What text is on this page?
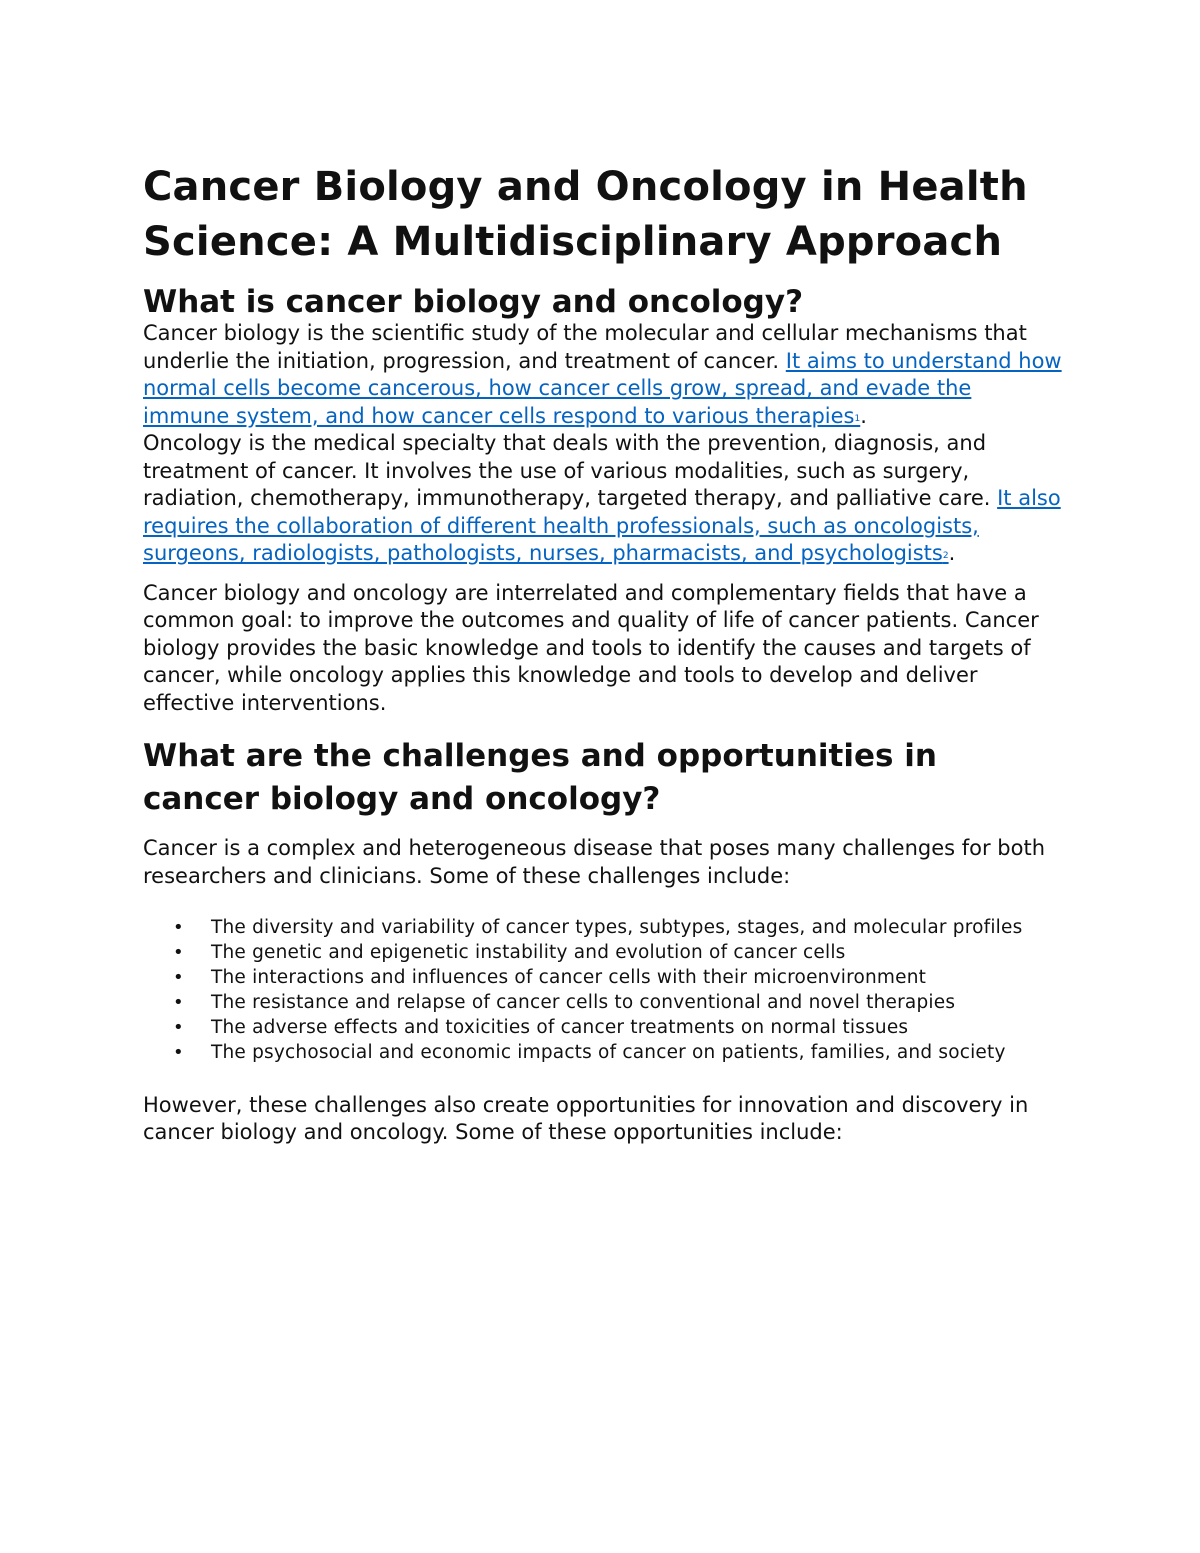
Cancer Biology and Oncology in Health Science: A Multidisciplinary Approach
What is cancer biology and oncology?

Cancer biology is the scientific study of the molecular and cellular mechanisms that underlie the initiation, progression, and treatment of cancer. It aims to understand how normal cells become cancerous, how cancer cells grow, spread, and evade the immune system, and how cancer cells respond to various therapies$^1$.

Oncology is the medical specialty that deals with the prevention, diagnosis, and treatment of cancer. It involves the use of various modalities, such as surgery, radiation, chemotherapy, immunotherapy, targeted therapy, and palliative care. It also requires the collaboration of different health professionals, such as oncologists, surgeons, radiologists, pathologists, nurses, pharmacists, and psychologists$^2$.

Cancer biology and oncology are interrelated and complementary fields that have a common goal: to improve the outcomes and quality of life of cancer patients. Cancer biology provides the basic knowledge and tools to identify the causes and targets of cancer, while oncology applies this knowledge and tools to develop and deliver effective interventions.

What are the challenges and opportunities in cancer biology and oncology?

Cancer is a complex and heterogeneous disease that poses many challenges for both researchers and clinicians. Some of these challenges include:

• The diversity and variability of cancer types, subtypes, stages, and molecular profiles
• The genetic and epigenetic instability and evolution of cancer cells
• The interactions and influences of cancer cells with their microenvironment
• The resistance and relapse of cancer cells to conventional and novel therapies
• The adverse effects and toxicities of cancer treatments on normal tissues
• The psychosocial and economic impacts of cancer on patients, families, and society

However, these challenges also create opportunities for innovation and discovery in cancer biology and oncology. Some of these opportunities include:
